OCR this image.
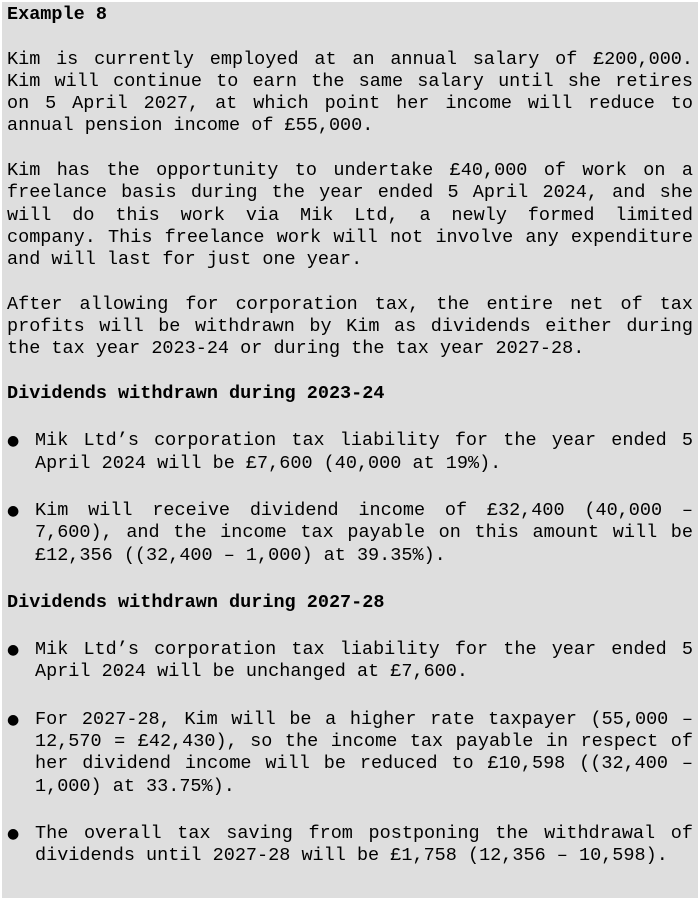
Example 8
Kim is currently employed at an annual salary of £200,000. Kim will continue to earn the same salary until she retires on 5 April 2027, at which point her income will reduce to annual pension income of £55,000.
Kim has the opportunity to undertake £40,000 of work on a freelance basis during the year ended 5 April 2024, and she will do this work via Mik Ltd, a newly formed limited company. This freelance work will not involve any expenditure and will last for just one year.
After allowing for corporation tax, the entire net of tax profits will be withdrawn by Kim as dividends either during the tax year 2023-24 or during the tax year 2027-28.
Dividends withdrawn during 2023-24
● Mik Ltd’s corporation tax liability for the year ended 5 April 2024 will be £7,600 (40,000 at 19%).
● Kim will receive dividend income of £32,400 (40,000 – 7,600), and the income tax payable on this amount will be £12,356 ((32,400 – 1,000) at 39.35%).
Dividends withdrawn during 2027-28
● Mik Ltd’s corporation tax liability for the year ended 5 April 2024 will be unchanged at £7,600.
● For 2027-28, Kim will be a higher rate taxpayer (55,000 – 12,570 = £42,430), so the income tax payable in respect of her dividend income will be reduced to £10,598 ((32,400 – 1,000) at 33.75%).
● The overall tax saving from postponing the withdrawal of dividends until 2027-28 will be £1,758 (12,356 – 10,598).
